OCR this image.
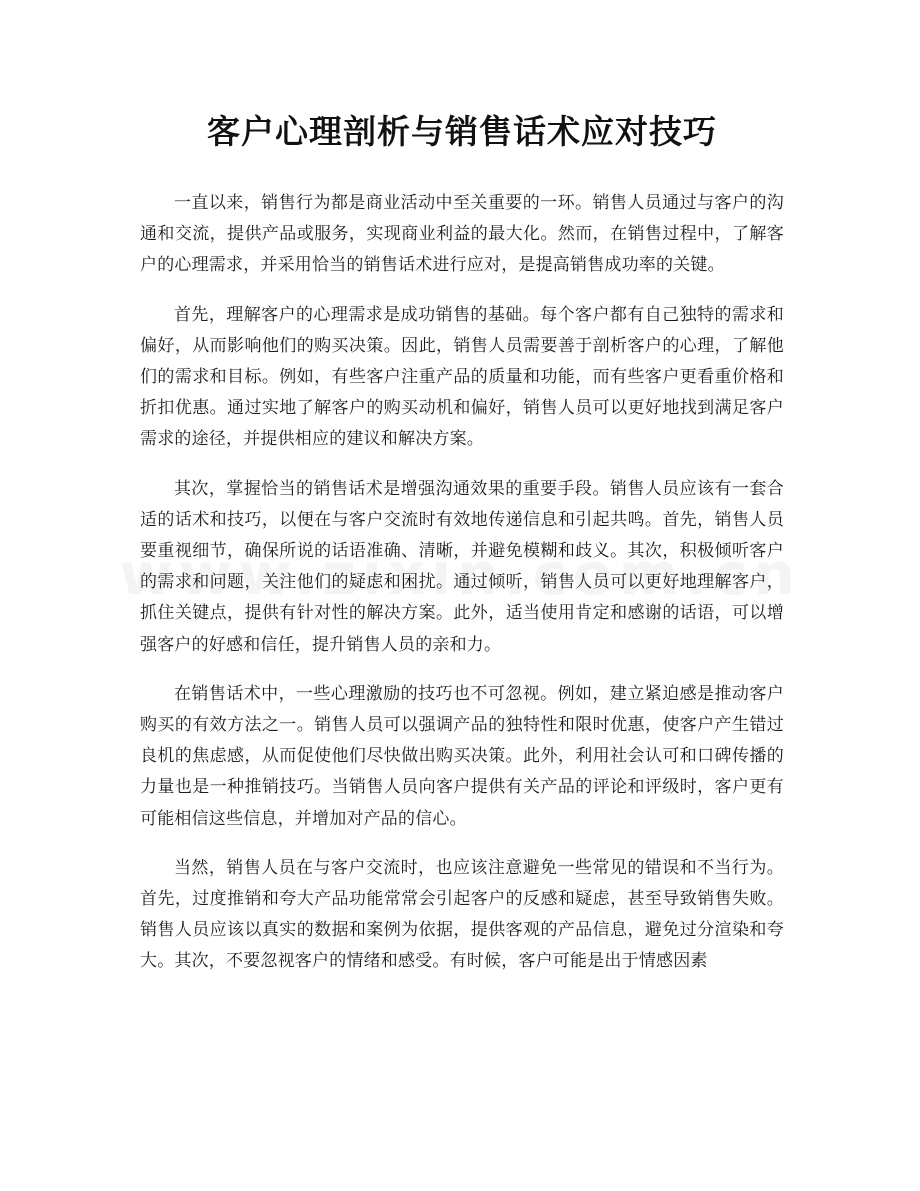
客户心理剖析与销售话术应对技巧

一直以来，销售行为都是商业活动中至关重要的一环。销售人员通过与客户的沟通和交流，提供产品或服务，实现商业利益的最大化。然而，在销售过程中，了解客户的心理需求，并采用恰当的销售话术进行应对，是提高销售成功率的关键。

首先，理解客户的心理需求是成功销售的基础。每个客户都有自己独特的需求和偏好，从而影响他们的购买决策。因此，销售人员需要善于剖析客户的心理，了解他们的需求和目标。例如，有些客户注重产品的质量和功能，而有些客户更看重价格和折扣优惠。通过实地了解客户的购买动机和偏好，销售人员可以更好地找到满足客户需求的途径，并提供相应的建议和解决方案。

其次，掌握恰当的销售话术是增强沟通效果的重要手段。销售人员应该有一套合适的话术和技巧，以便在与客户交流时有效地传递信息和引起共鸣。首先，销售人员要重视细节，确保所说的话语准确、清晰，并避免模糊和歧义。其次，积极倾听客户的需求和问题，关注他们的疑虑和困扰。通过倾听，销售人员可以更好地理解客户，抓住关键点，提供有针对性的解决方案。此外，适当使用肯定和感谢的话语，可以增强客户的好感和信任，提升销售人员的亲和力。

在销售话术中，一些心理激励的技巧也不可忽视。例如，建立紧迫感是推动客户购买的有效方法之一。销售人员可以强调产品的独特性和限时优惠，使客户产生错过良机的焦虑感，从而促使他们尽快做出购买决策。此外，利用社会认可和口碑传播的力量也是一种推销技巧。当销售人员向客户提供有关产品的评论和评级时，客户更有可能相信这些信息，并增加对产品的信心。

当然，销售人员在与客户交流时，也应该注意避免一些常见的错误和不当行为。首先，过度推销和夸大产品功能常常会引起客户的反感和疑虑，甚至导致销售失败。销售人员应该以真实的数据和案例为依据，提供客观的产品信息，避免过分渲染和夸大。其次，不要忽视客户的情绪和感受。有时候，客户可能是出于情感因素
